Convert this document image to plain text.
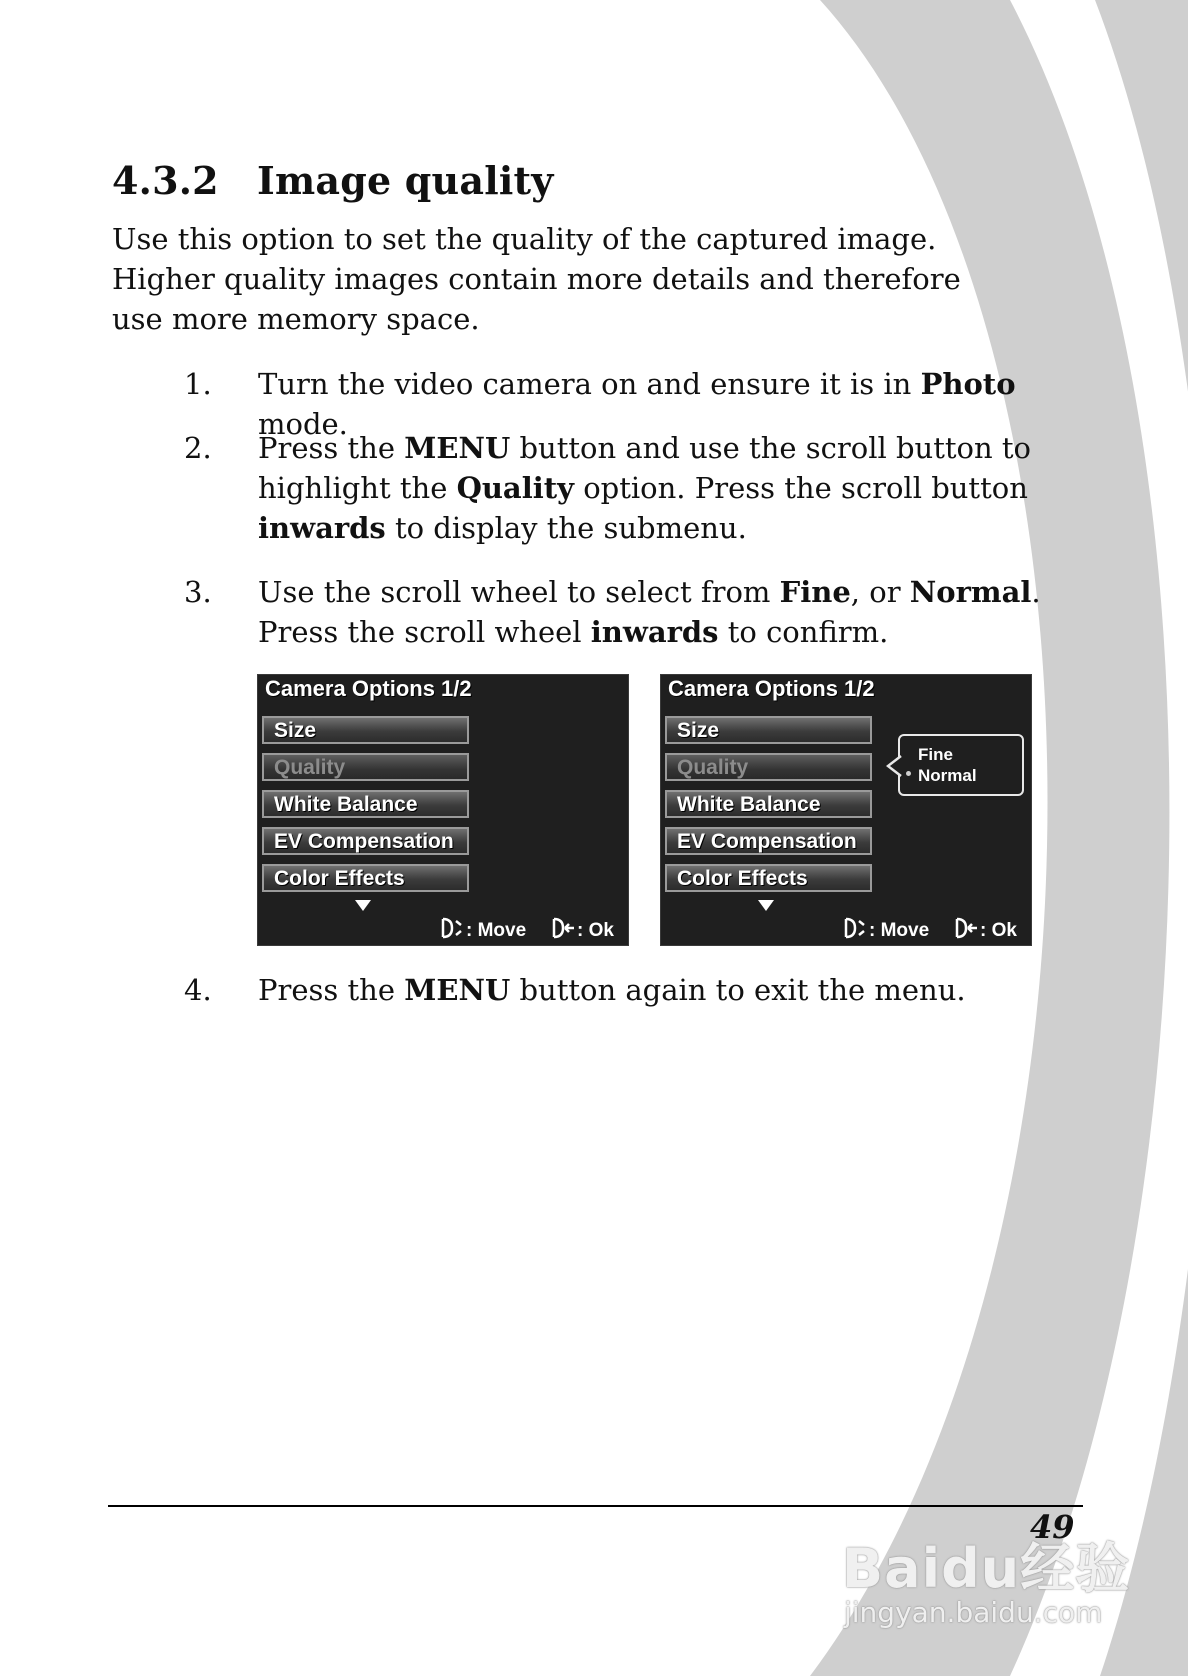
4.3.2 Image quality
Use this option to set the quality of the captured image. Higher quality images contain more details and therefore use more memory space.
1. Turn the video camera on and ensure it is in Photo mode.
2. Press the MENU button and use the scroll button to highlight the Quality option. Press the scroll button inwards to display the submenu.
3. Use the scroll wheel to select from Fine, or Normal. Press the scroll wheel inwards to confirm.
Camera Options 1/2
Size
Quality
White Balance
EV Compensation
Color Effects
: Move	: Ok
Camera Options 1/2
Size
Quality
White Balance
EV Compensation
Color Effects
Fine
Normal
: Move	: Ok
4. Press the MENU button again to exit the menu.
49
Baidu经验
jingyan.baidu.com
